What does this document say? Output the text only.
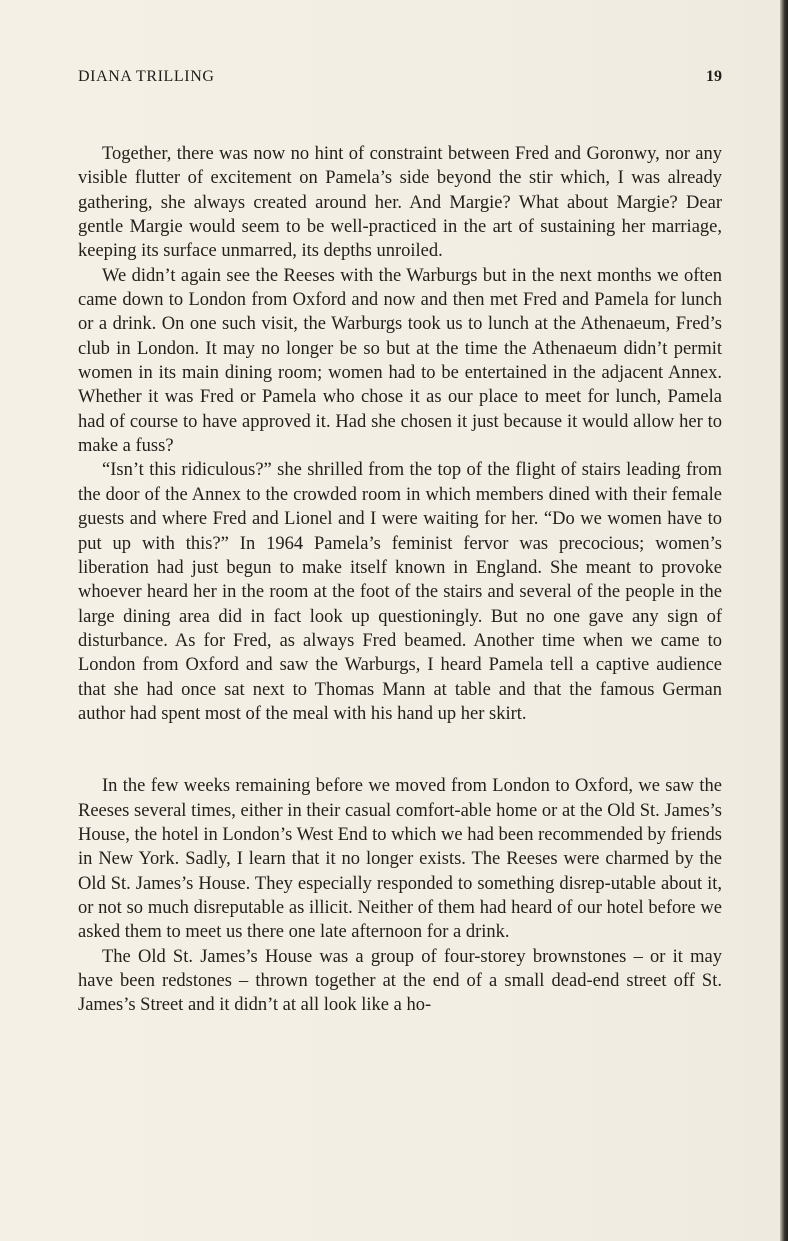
DIANA TRILLING	19

Together, there was now no hint of constraint between Fred and Goronwy, nor any visible flutter of excitement on Pamela’s side beyond the stir which, I was already gathering, she always created around her. And Margie? What about Margie? Dear gentle Margie would seem to be well-practiced in the art of sustaining her marriage, keeping its surface unmarred, its depths unroiled.

We didn’t again see the Reeses with the Warburgs but in the next months we often came down to London from Oxford and now and then met Fred and Pamela for lunch or a drink. On one such visit, the Warburgs took us to lunch at the Athenaeum, Fred’s club in London. It may no longer be so but at the time the Athenaeum didn’t permit women in its main dining room; women had to be entertained in the adjacent Annex. Whether it was Fred or Pamela who chose it as our place to meet for lunch, Pamela had of course to have approved it. Had she chosen it just because it would allow her to make a fuss?

“Isn’t this ridiculous?” she shrilled from the top of the flight of stairs leading from the door of the Annex to the crowded room in which members dined with their female guests and where Fred and Lionel and I were waiting for her. “Do we women have to put up with this?” In 1964 Pamela’s feminist fervor was precocious; women’s liberation had just begun to make itself known in England. She meant to provoke whoever heard her in the room at the foot of the stairs and several of the people in the large dining area did in fact look up questioningly. But no one gave any sign of disturbance. As for Fred, as always Fred beamed. Another time when we came to London from Oxford and saw the Warburgs, I heard Pamela tell a captive audience that she had once sat next to Thomas Mann at table and that the famous German author had spent most of the meal with his hand up her skirt.

In the few weeks remaining before we moved from London to Oxford, we saw the Reeses several times, either in their casual comfort-able home or at the Old St. James’s House, the hotel in London’s West End to which we had been recommended by friends in New York. Sadly, I learn that it no longer exists. The Reeses were charmed by the Old St. James’s House. They especially responded to something disrep-utable about it, or not so much disreputable as illicit. Neither of them had heard of our hotel before we asked them to meet us there one late afternoon for a drink.

The Old St. James’s House was a group of four-storey brownstones – or it may have been redstones – thrown together at the end of a small dead-end street off St. James’s Street and it didn’t at all look like a ho-
